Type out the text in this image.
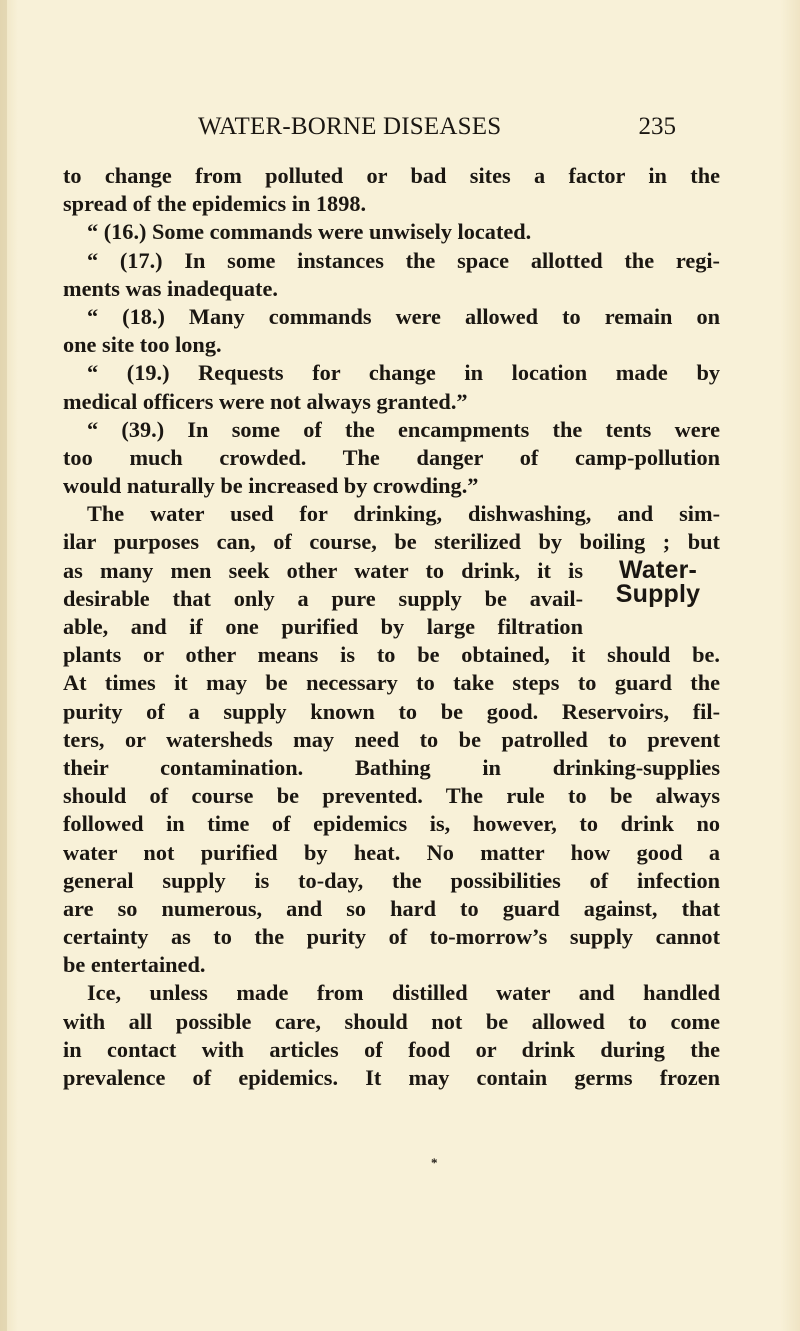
WATER-BORNE DISEASES	235
to change from polluted or bad sites a factor in the
spread of the epidemics in 1898.
“ (16.) Some commands were unwisely located.
“ (17.) In some instances the space allotted the regi-
ments was inadequate.
“ (18.) Many commands were allowed to remain on
one site too long.
“ (19.) Requests for change in location made by
medical officers were not always granted.”
“ (39.) In some of the encampments the tents were
too much crowded. The danger of camp-pollution
would naturally be increased by crowding.”
The water used for drinking, dishwashing, and sim-
ilar purposes can, of course, be sterilized by boiling ; but
as many men seek other water to drink, it is
desirable that only a pure supply be avail-
able, and if one purified by large filtration
plants or other means is to be obtained, it should be.
At times it may be necessary to take steps to guard the
purity of a supply known to be good. Reservoirs, fil-
ters, or watersheds may need to be patrolled to prevent
their contamination. Bathing in drinking-supplies
should of course be prevented. The rule to be always
followed in time of epidemics is, however, to drink no
water not purified by heat. No matter how good a
general supply is to-day, the possibilities of infection
are so numerous, and so hard to guard against, that
certainty as to the purity of to-morrow’s supply cannot
be entertained.
Ice, unless made from distilled water and handled
with all possible care, should not be allowed to come
in contact with articles of food or drink during the
prevalence of epidemics. It may contain germs frozen
Water-
Supply
*
